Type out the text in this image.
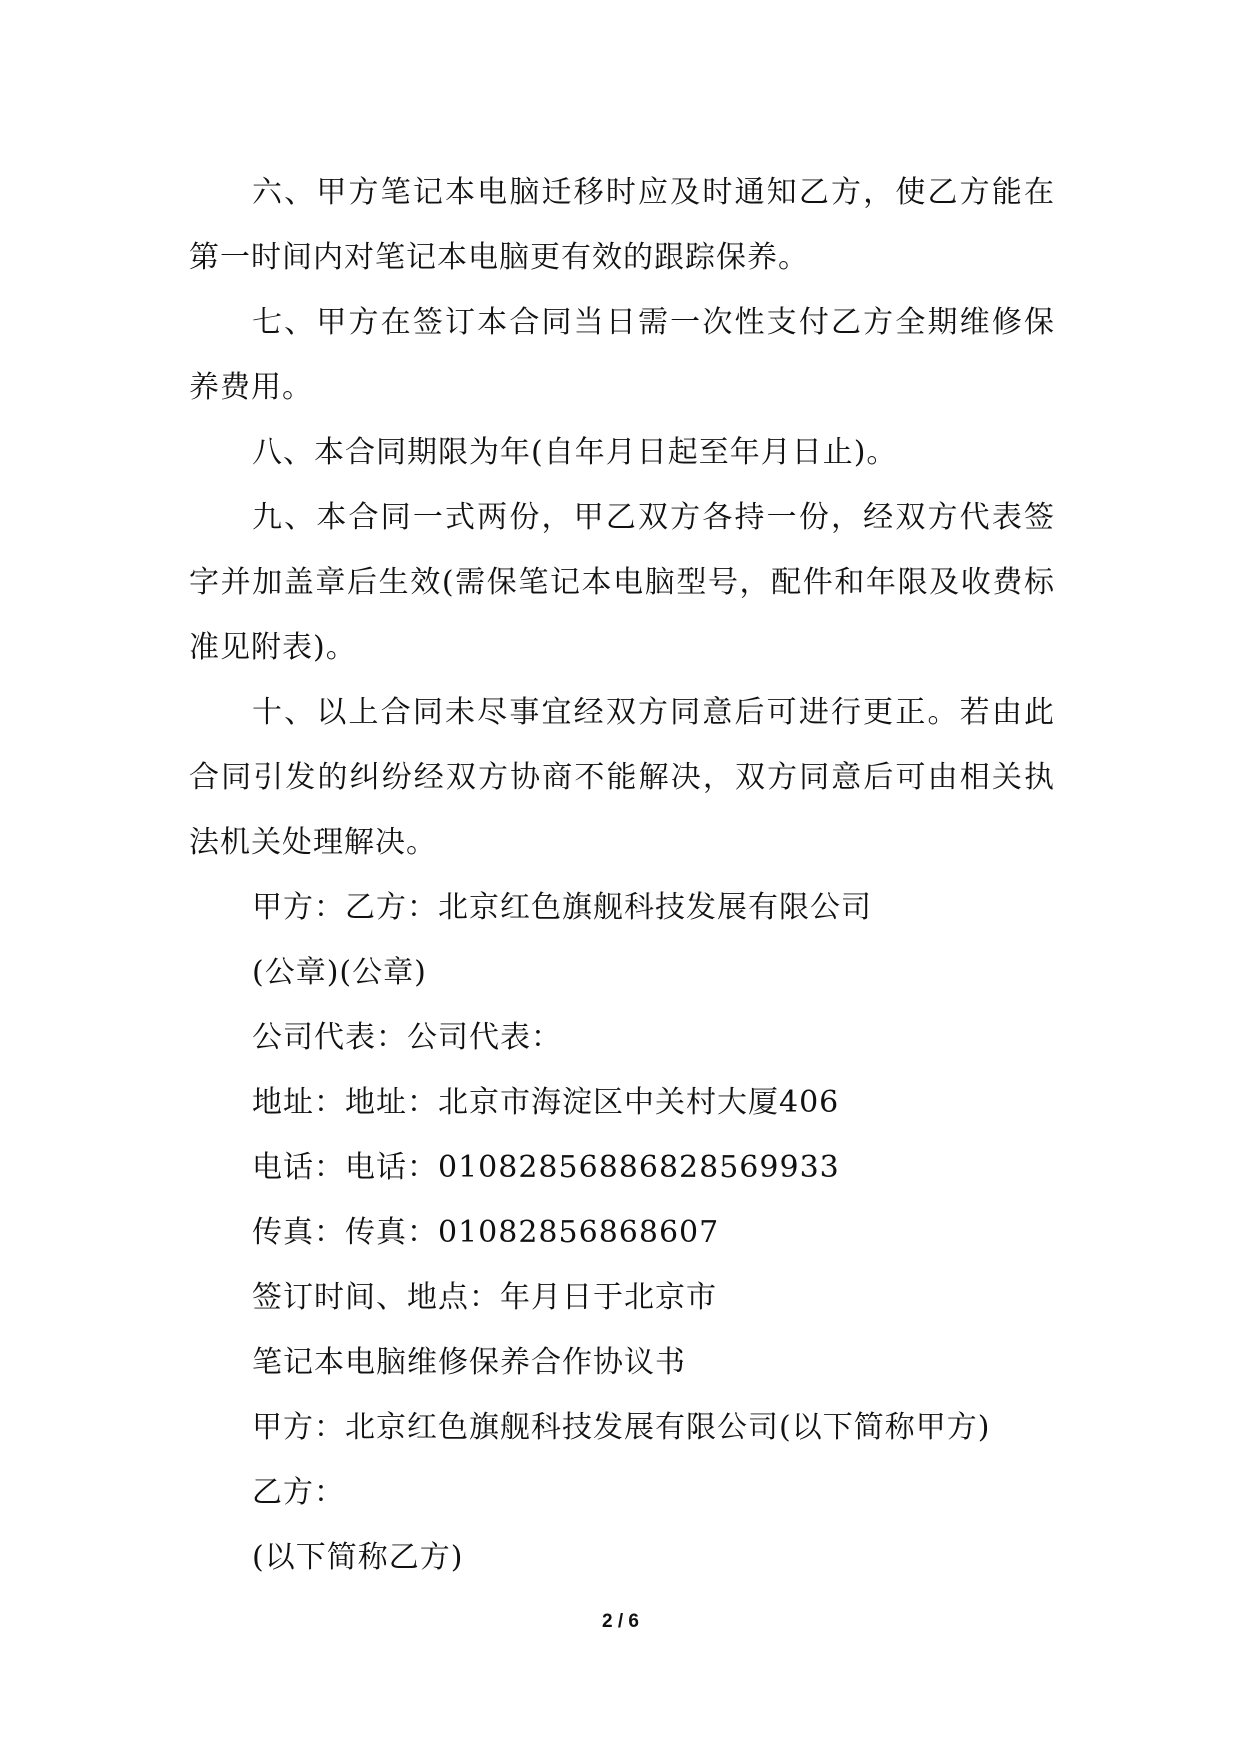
六、甲方笔记本电脑迁移时应及时通知乙方，使乙方能在第一时间内对笔记本电脑更有效的跟踪保养。

七、甲方在签订本合同当日需一次性支付乙方全期维修保养费用。

八、本合同期限为年(自年月日起至年月日止)。

九、本合同一式两份，甲乙双方各持一份，经双方代表签字并加盖章后生效(需保笔记本电脑型号，配件和年限及收费标准见附表)。

十、以上合同未尽事宜经双方同意后可进行更正。若由此合同引发的纠纷经双方协商不能解决，双方同意后可由相关执法机关处理解决。

甲方：乙方：北京红色旗舰科技发展有限公司

(公章)(公章)

公司代表：公司代表：

地址：地址：北京市海淀区中关村大厦406

电话：电话：01082856886828569933

传真：传真：01082856868607

签订时间、地点：年月日于北京市

笔记本电脑维修保养合作协议书

甲方：北京红色旗舰科技发展有限公司(以下简称甲方)

乙方：

(以下简称乙方)

2 / 6
